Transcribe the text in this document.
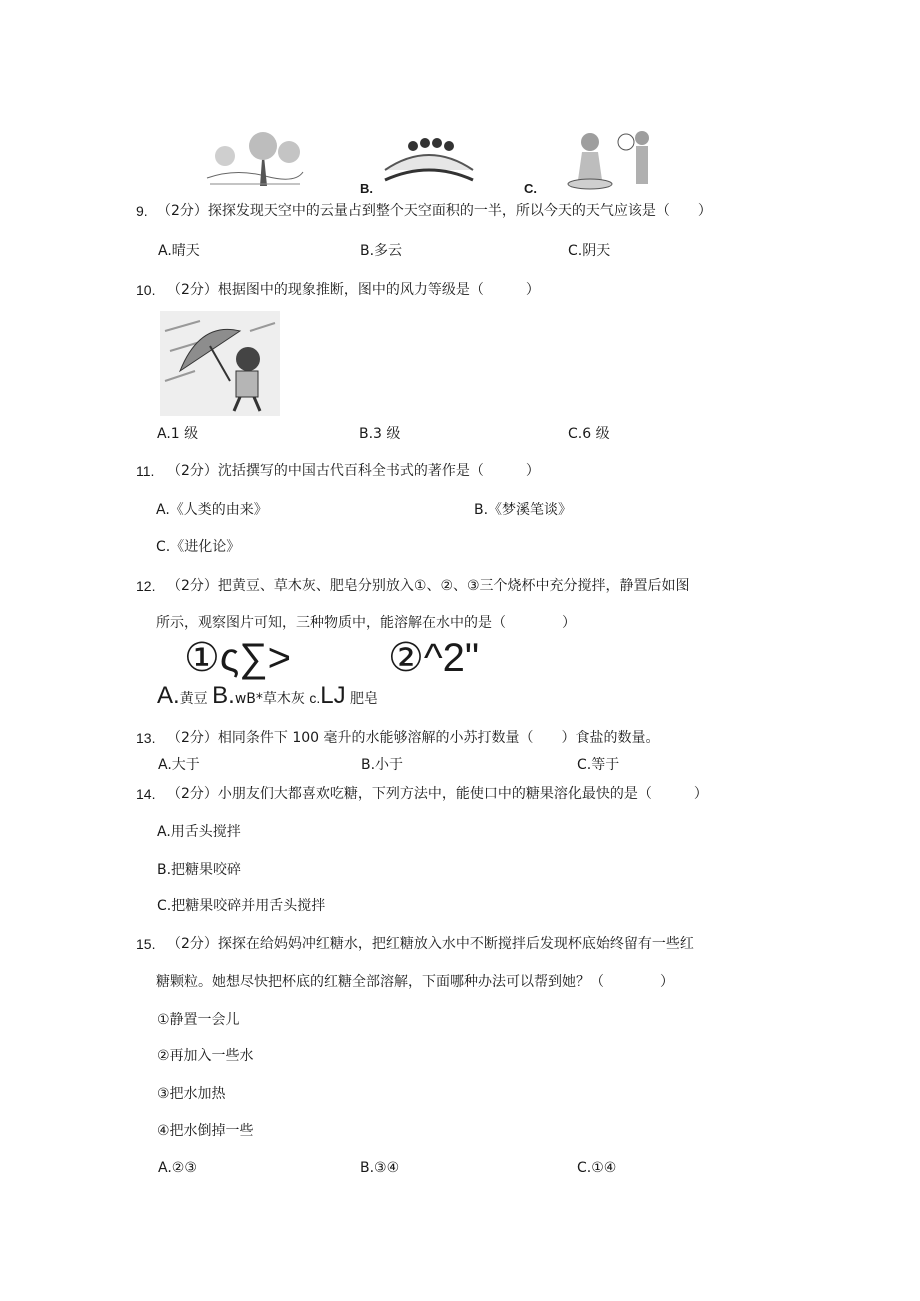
B.	C.
9. （2分）探探发现天空中的云量占到整个天空面积的一半，所以今天的天气应该是（　　）
A.晴天	B.多云	C.阴天
10. （2分）根据图中的现象推断，图中的风力等级是（　　　）
A.1 级	B.3 级	C.6 级
11. （2分）沈括撰写的中国古代百科全书式的著作是（　　　）
A.《人类的由来》	B.《梦溪笔谈》
C.《进化论》
12. （2分）把黄豆、草木灰、肥皂分别放入①、②、③三个烧杯中充分搅拌，静置后如图
所示，观察图片可知，三种物质中，能溶解在水中的是（　　　　）
①ς∑> ②^2"
A.黄豆 B.wB*草木灰 c.LJ 肥皂
13. （2分）相同条件下 100 毫升的水能够溶解的小苏打数量（　　）食盐的数量。
A.大于	B.小于	C.等于
14. （2分）小朋友们大都喜欢吃糖，下列方法中，能使口中的糖果溶化最快的是（　　　）
A.用舌头搅拌
B.把糖果咬碎
C.把糖果咬碎并用舌头搅拌
15. （2分）探探在给妈妈冲红糖水，把红糖放入水中不断搅拌后发现杯底始终留有一些红
糖颗粒。她想尽快把杯底的红糖全部溶解，下面哪种办法可以帮到她？（　　　　）
①静置一会儿
②再加入一些水
③把水加热
④把水倒掉一些
A.②③	B.③④	C.①④
